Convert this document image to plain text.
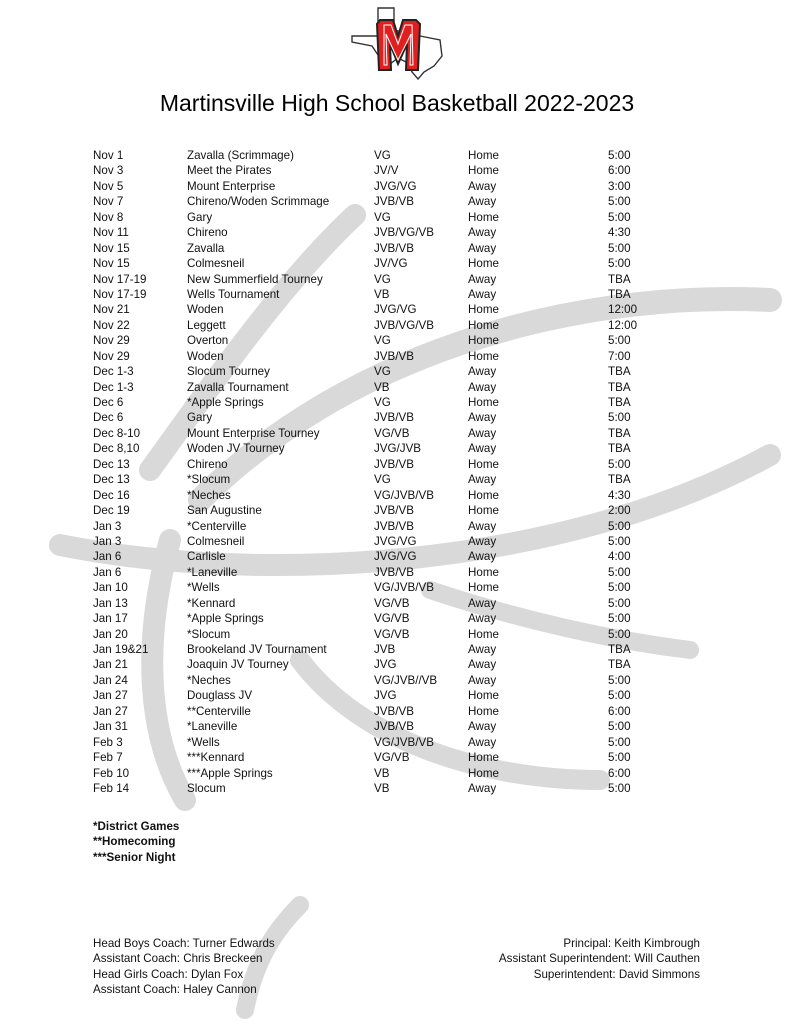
Martinsville High School Basketball 2022-2023
Nov 1	Zavalla (Scrimmage)	VG	Home	5:00
Nov 3	Meet the Pirates	JV/V	Home	6:00
Nov 5	Mount Enterprise	JVG/VG	Away	3:00
Nov 7	Chireno/Woden Scrimmage	JVB/VB	Away	5:00
Nov 8	Gary	VG	Home	5:00
Nov 11	Chireno	JVB/VG/VB	Away	4:30
Nov 15	Zavalla	JVB/VB	Away	5:00
Nov 15	Colmesneil	JV/VG	Home	5:00
Nov 17-19	New Summerfield Tourney	VG	Away	TBA
Nov 17-19	Wells Tournament	VB	Away	TBA
Nov 21	Woden	JVG/VG	Home	12:00
Nov 22	Leggett	JVB/VG/VB	Home	12:00
Nov 29	Overton	VG	Home	5:00
Nov 29	Woden	JVB/VB	Home	7:00
Dec 1-3	Slocum Tourney	VG	Away	TBA
Dec 1-3	Zavalla Tournament	VB	Away	TBA
Dec 6	*Apple Springs	VG	Home	TBA
Dec 6	Gary	JVB/VB	Away	5:00
Dec 8-10	Mount Enterprise Tourney	VG/VB	Away	TBA
Dec 8,10	Woden JV Tourney	JVG/JVB	Away	TBA
Dec 13	Chireno	JVB/VB	Home	5:00
Dec 13	*Slocum	VG	Away	TBA
Dec 16	*Neches	VG/JVB/VB	Home	4:30
Dec 19	San Augustine	JVB/VB	Home	2:00
Jan 3	*Centerville	JVB/VB	Away	5:00
Jan 3	Colmesneil	JVG/VG	Away	5:00
Jan 6	Carlisle	JVG/VG	Away	4:00
Jan 6	*Laneville	JVB/VB	Home	5:00
Jan 10	*Wells	VG/JVB/VB	Home	5:00
Jan 13	*Kennard	VG/VB	Away	5:00
Jan 17	*Apple Springs	VG/VB	Away	5:00
Jan 20	*Slocum	VG/VB	Home	5:00
Jan 19&21	Brookeland JV Tournament	JVB	Away	TBA
Jan 21	Joaquin JV Tourney	JVG	Away	TBA
Jan 24	*Neches	VG/JVB//VB	Away	5:00
Jan 27	Douglass JV	JVG	Home	5:00
Jan 27	**Centerville	JVB/VB	Home	6:00
Jan 31	*Laneville	JVB/VB	Away	5:00
Feb 3	*Wells	VG/JVB/VB	Away	5:00
Feb 7	***Kennard	VG/VB	Home	5:00
Feb 10	***Apple Springs	VB	Home	6:00
Feb 14	Slocum	VB	Away	5:00
*District Games
**Homecoming
***Senior Night
Head Boys Coach: Turner Edwards
Assistant Coach: Chris Breckeen
Head Girls Coach: Dylan Fox
Assistant Coach: Haley Cannon
Principal: Keith Kimbrough
Assistant Superintendent: Will Cauthen
Superintendent: David Simmons
